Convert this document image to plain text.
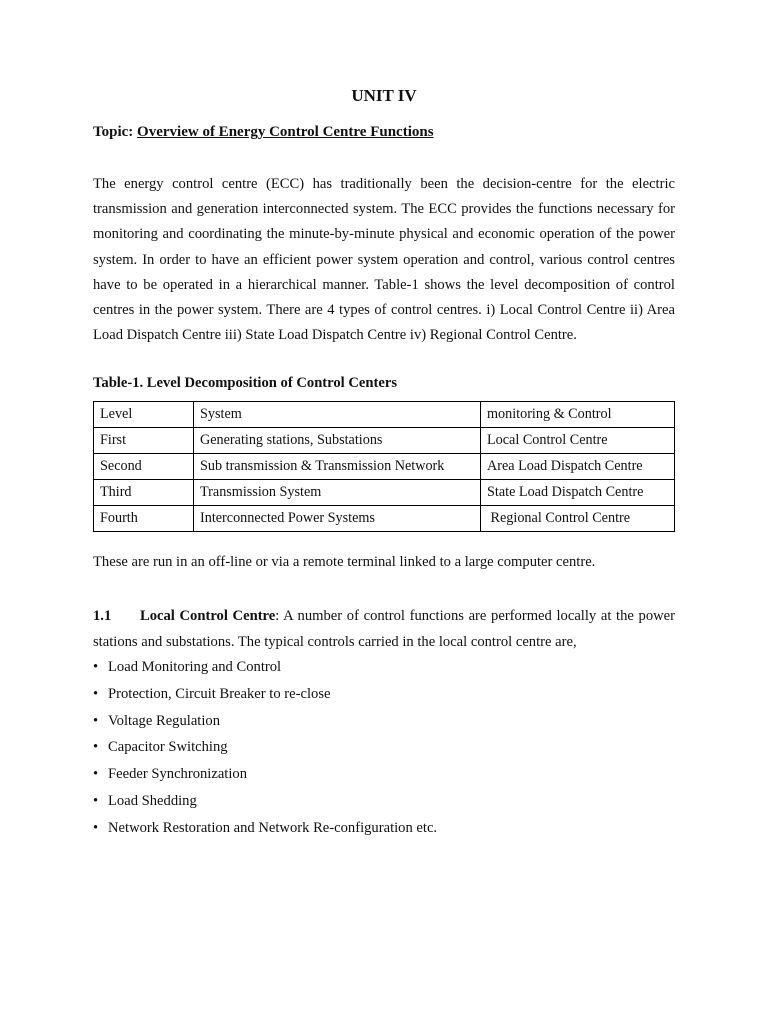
UNIT IV
Topic: Overview of Energy Control Centre Functions

The energy control centre (ECC) has traditionally been the decision-centre for the electric transmission and generation interconnected system. The ECC provides the functions necessary for monitoring and coordinating the minute-by-minute physical and economic operation of the power system. In order to have an efficient power system operation and control, various control centres have to be operated in a hierarchical manner. Table-1 shows the level decomposition of control centres in the power system. There are 4 types of control centres. i) Local Control Centre ii) Area Load Dispatch Centre iii) State Load Dispatch Centre iv) Regional Control Centre.

Table-1. Level Decomposition of Control Centers
Level	System	monitoring & Control
First	Generating stations, Substations	Local Control Centre
Second	Sub transmission & Transmission Network	Area Load Dispatch Centre
Third	Transmission System	State Load Dispatch Centre
Fourth	Interconnected Power Systems	Regional Control Centre
These are run in an off-line or via a remote terminal linked to a large computer centre.

1.1 Local Control Centre: A number of control functions are performed locally at the power stations and substations. The typical controls carried in the local control centre are,

• Load Monitoring and Control
• Protection, Circuit Breaker to re-close
• Voltage Regulation
• Capacitor Switching
• Feeder Synchronization
• Load Shedding
• Network Restoration and Network Re-configuration etc.
